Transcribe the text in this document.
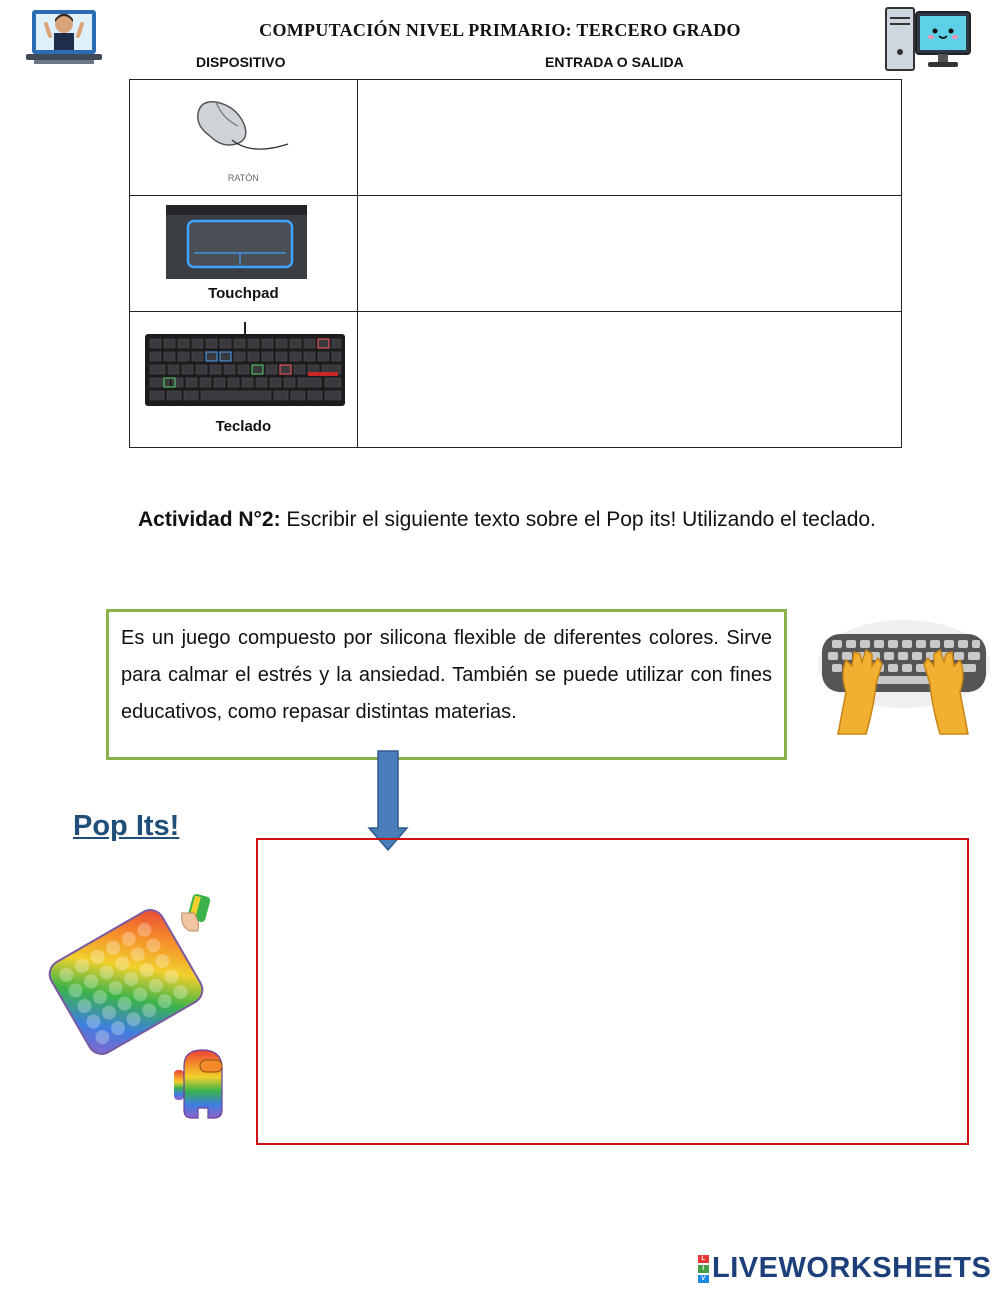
COMPUTACIÓN NIVEL PRIMARIO: TERCERO GRADO
DISPOSITIVO	ENTRADA O SALIDA
RATÓN	

Touchpad	

Teclado	

Actividad N°2: Escribir el siguiente texto sobre el Pop its! Utilizando el teclado.
Es un juego compuesto por silicona flexible de diferentes colores. Sirve para calmar el estrés y la ansiedad. También se puede utilizar con fines educativos, como repasar distintas materias.
Pop Its!
L
I
V LIVEWORKSHEETS
